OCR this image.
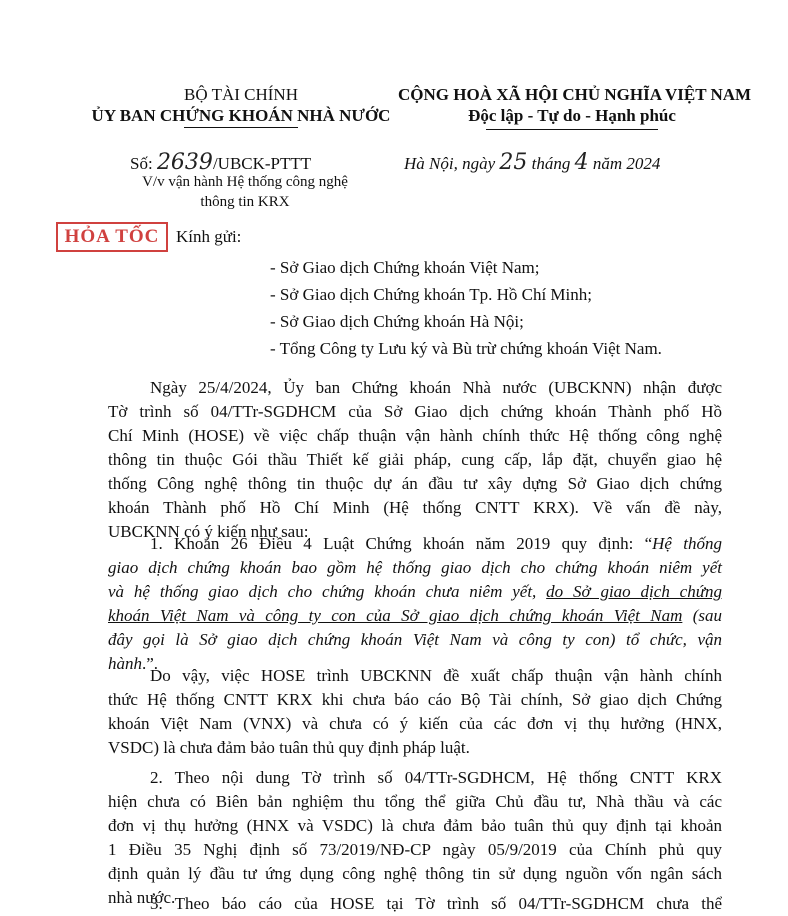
BỘ TÀI CHÍNH
ỦY BAN CHỨNG KHOÁN NHÀ NƯỚC
CỘNG HOÀ XÃ HỘI CHỦ NGHĨA VIỆT NAM
Độc lập - Tự do - Hạnh phúc
Số: 2639/UBCK-PTTT
V/v vận hành Hệ thống công nghệ
thông tin KRX
Hà Nội, ngày 25 tháng 4 năm 2024
HỎA TỐC Kính gửi:
- Sở Giao dịch Chứng khoán Việt Nam;
- Sở Giao dịch Chứng khoán Tp. Hồ Chí Minh;
- Sở Giao dịch Chứng khoán Hà Nội;
- Tổng Công ty Lưu ký và Bù trừ chứng khoán Việt Nam.
Ngày 25/4/2024, Ủy ban Chứng khoán Nhà nước (UBCKNN) nhận được
Tờ trình số 04/TTr-SGDHCM của Sở Giao dịch chứng khoán Thành phố Hồ
Chí Minh (HOSE) về việc chấp thuận vận hành chính thức Hệ thống công nghệ
thông tin thuộc Gói thầu Thiết kế giải pháp, cung cấp, lắp đặt, chuyển giao hệ
thống Công nghệ thông tin thuộc dự án đầu tư xây dựng Sở Giao dịch chứng
khoán Thành phố Hồ Chí Minh (Hệ thống CNTT KRX). Về vấn đề này,
UBCKNN có ý kiến như sau:
1. Khoản 26 Điều 4 Luật Chứng khoán năm 2019 quy định: “Hệ thống
giao dịch chứng khoán bao gồm hệ thống giao dịch cho chứng khoán niêm yết
và hệ thống giao dịch cho chứng khoán chưa niêm yết, do Sở giao dịch chứng
khoán Việt Nam và công ty con của Sở giao dịch chứng khoán Việt Nam (sau
đây gọi là Sở giao dịch chứng khoán Việt Nam và công ty con) tổ chức, vận
hành.”.
Do vậy, việc HOSE trình UBCKNN đề xuất chấp thuận vận hành chính
thức Hệ thống CNTT KRX khi chưa báo cáo Bộ Tài chính, Sở giao dịch Chứng
khoán Việt Nam (VNX) và chưa có ý kiến của các đơn vị thụ hưởng (HNX,
VSDC) là chưa đảm bảo tuân thủ quy định pháp luật.
2. Theo nội dung Tờ trình số 04/TTr-SGDHCM, Hệ thống CNTT KRX
hiện chưa có Biên bản nghiệm thu tổng thể giữa Chủ đầu tư, Nhà thầu và các
đơn vị thụ hưởng (HNX và VSDC) là chưa đảm bảo tuân thủ quy định tại khoản
1 Điều 35 Nghị định số 73/2019/NĐ-CP ngày 05/9/2019 của Chính phủ quy
định quản lý đầu tư ứng dụng công nghệ thông tin sử dụng nguồn vốn ngân sách
nhà nước.
3. Theo báo cáo của HOSE tại Tờ trình số 04/TTr-SGDHCM chưa thể
